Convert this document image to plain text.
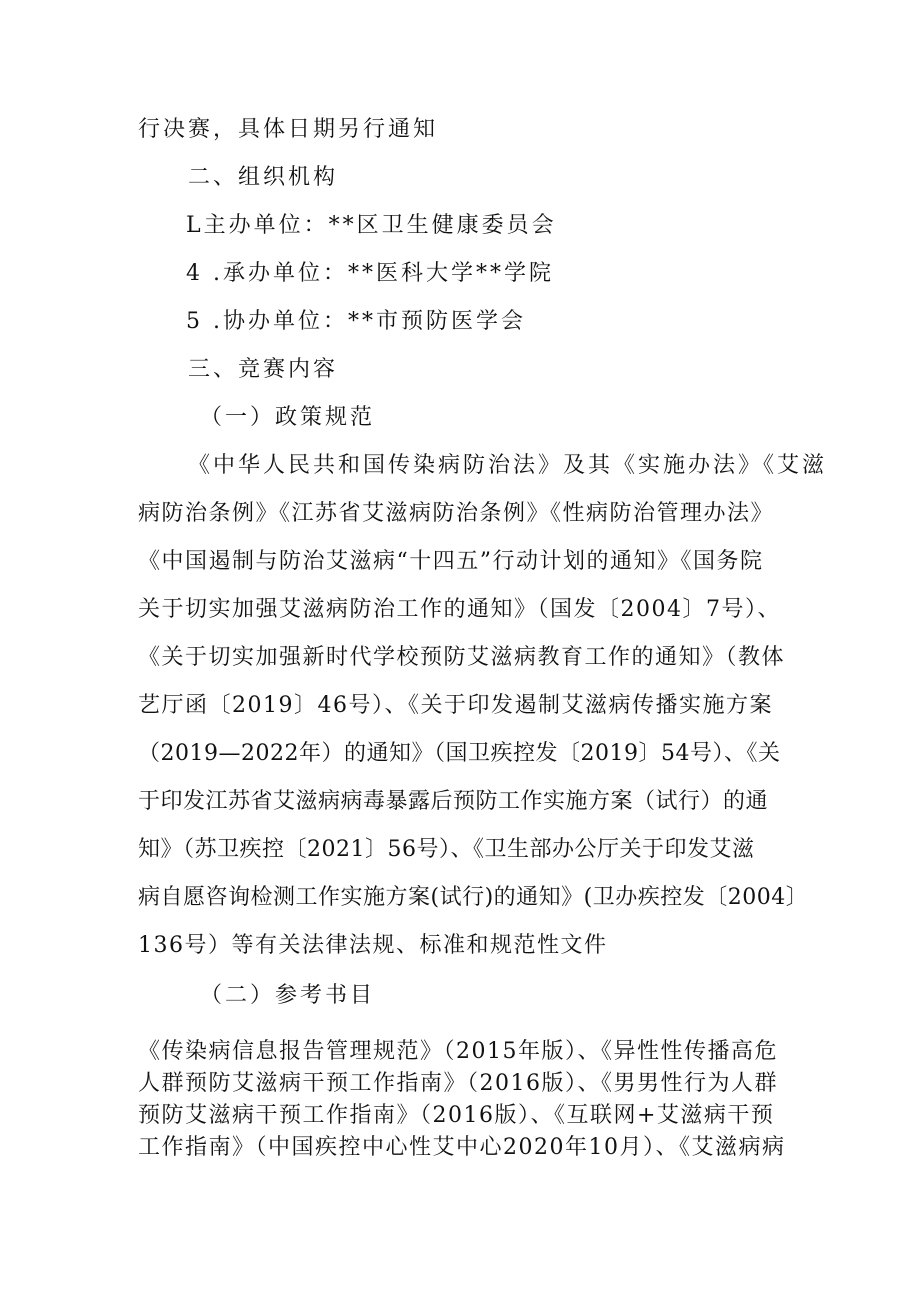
行决赛，具体日期另行通知

二、组织机构

L主办单位：**区卫生健康委员会

4 .承办单位：**医科大学**学院

5 .协办单位：**市预防医学会

三、竞赛内容

（一）政策规范

《中华人民共和国传染病防治法》及其《实施办法》《艾滋

病防治条例》《江苏省艾滋病防治条例》《性病防治管理办法》

《中国遏制与防治艾滋病“十四五”行动计划的通知》《国务院

关于切实加强艾滋病防治工作的通知》（国发〔2004〕7号）、

《关于切实加强新时代学校预防艾滋病教育工作的通知》（教体

艺厅函〔2019〕46号）、《关于印发遏制艾滋病传播实施方案

（2019—2022年）的通知》（国卫疾控发〔2019〕54号）、《关

于印发江苏省艾滋病病毒暴露后预防工作实施方案（试行）的通

知》（苏卫疾控〔2021〕56号）、《卫生部办公厅关于印发艾滋

病自愿咨询检测工作实施方案(试行)的通知》(卫办疾控发〔2004〕

136号）等有关法律法规、标准和规范性文件

（二）参考书目

《传染病信息报告管理规范》（2015年版）、《异性性传播高危

人群预防艾滋病干预工作指南》（2016版）、《男男性行为人群

预防艾滋病干预工作指南》（2016版）、《互联网+艾滋病干预

工作指南》（中国疾控中心性艾中心2020年10月）、《艾滋病病
